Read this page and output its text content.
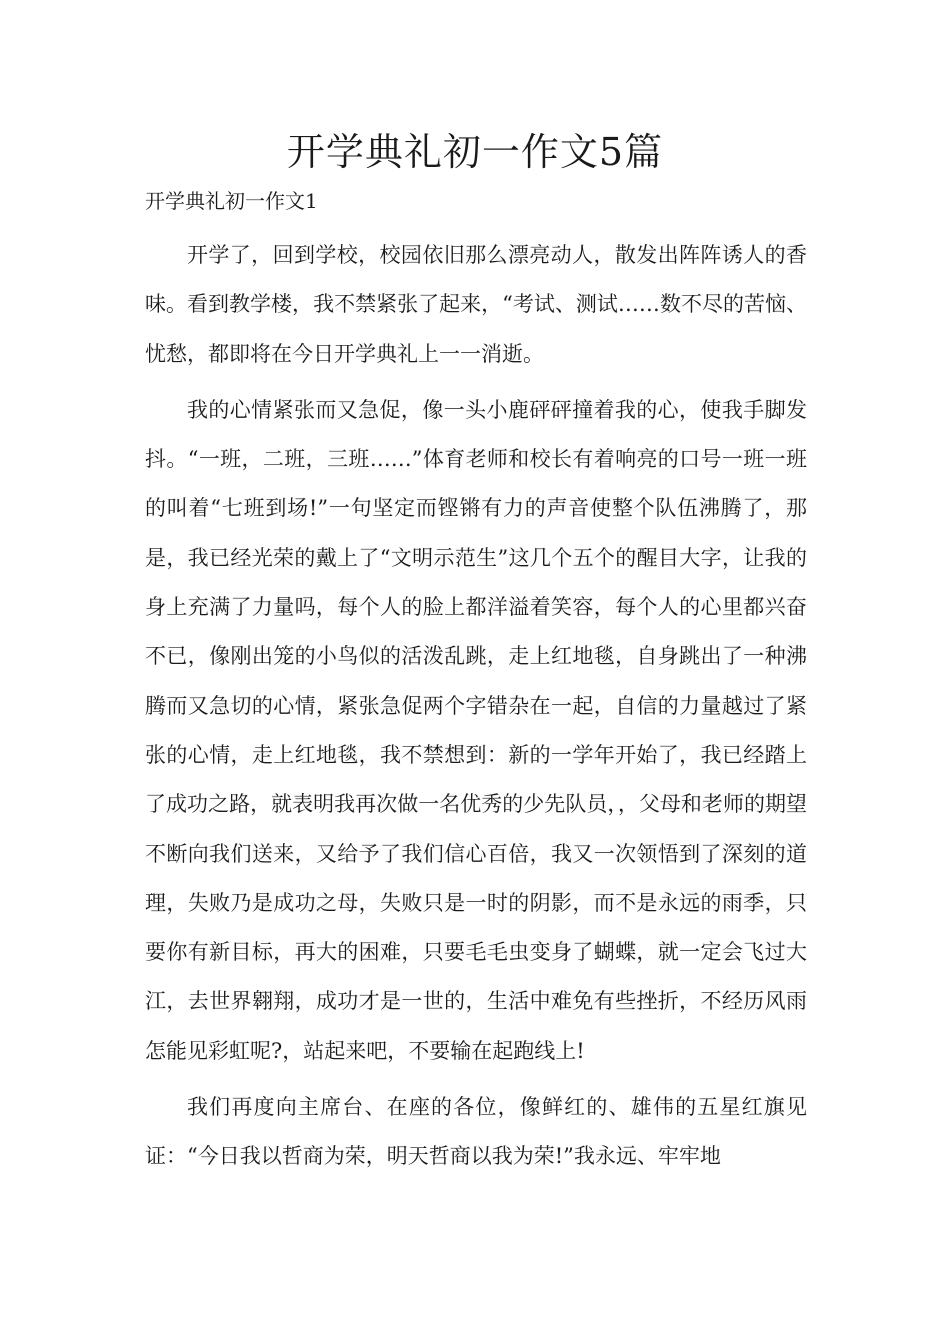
开学典礼初一作文5篇

开学典礼初一作文1

开学了，回到学校，校园依旧那么漂亮动人，散发出阵阵诱人的香味。看到教学楼，我不禁紧张了起来，“考试、测试……数不尽的苦恼、忧愁，都即将在今日开学典礼上一一消逝。

我的心情紧张而又急促，像一头小鹿砰砰撞着我的心，使我手脚发抖。“一班，二班，三班……”体育老师和校长有着响亮的口号一班一班的叫着“七班到场!”一句坚定而铿锵有力的声音使整个队伍沸腾了，那是，我已经光荣的戴上了“文明示范生”这几个五个的醒目大字，让我的身上充满了力量吗，每个人的脸上都洋溢着笑容，每个人的心里都兴奋不已，像刚出笼的小鸟似的活泼乱跳，走上红地毯，自身跳出了一种沸腾而又急切的心情，紧张急促两个字错杂在一起，自信的力量越过了紧张的心情，走上红地毯，我不禁想到：新的一学年开始了，我已经踏上了成功之路，就表明我再次做一名优秀的少先队员，，父母和老师的期望不断向我们送来，又给予了我们信心百倍，我又一次领悟到了深刻的道理，失败乃是成功之母，失败只是一时的阴影，而不是永远的雨季，只要你有新目标，再大的困难，只要毛毛虫变身了蝴蝶，就一定会飞过大江，去世界翱翔，成功才是一世的，生活中难免有些挫折，不经历风雨怎能见彩虹呢?，站起来吧，不要输在起跑线上!

我们再度向主席台、在座的各位，像鲜红的、雄伟的五星红旗见证：“今日我以哲商为荣，明天哲商以我为荣!”我永远、牢牢地
